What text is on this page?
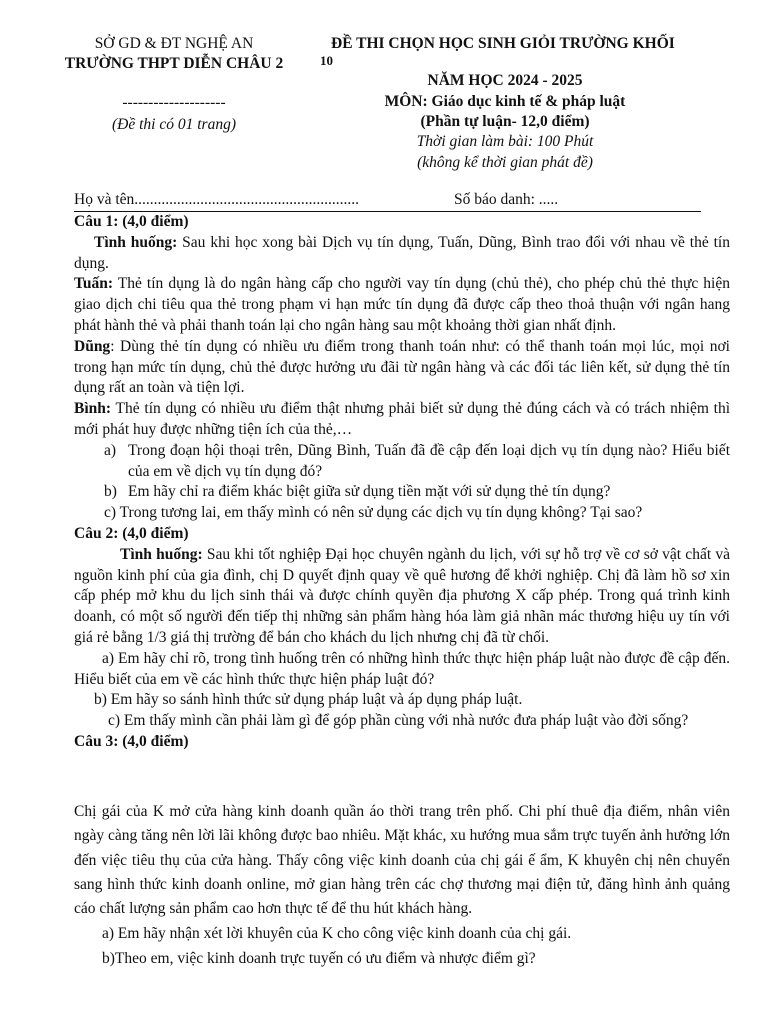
SỞ GD & ĐT NGHỆ AN
TRƯỜNG THPT DIỄN CHÂU 2
--------------------
(Đề thi có 01 trang)
ĐỀ THI CHỌN HỌC SINH GIỎI TRƯỜNG KHỐI
10
NĂM HỌC 2024 - 2025
MÔN: Giáo dục kinh tế & pháp luật
(Phần tự luận- 12,0 điểm)
Thời gian làm bài: 100 Phút
(không kể thời gian phát đề)
Họ và tên..........................................................	Số báo danh: .....

Câu 1: (4,0 điểm)

Tình huống: Sau khi học xong bài Dịch vụ tín dụng, Tuấn, Dũng, Bình trao đổi với nhau về thẻ tín dụng.

Tuấn: Thẻ tín dụng là do ngân hàng cấp cho người vay tín dụng (chủ thẻ), cho phép chủ thẻ thực hiện giao dịch chi tiêu qua thẻ trong phạm vi hạn mức tín dụng đã được cấp theo thoả thuận với ngân hang phát hành thẻ và phải thanh toán lại cho ngân hàng sau một khoảng thời gian nhất định.

Dũng: Dùng thẻ tín dụng có nhiều ưu điểm trong thanh toán như: có thể thanh toán mọi lúc, mọi nơi trong hạn mức tín dụng, chủ thẻ được hưởng ưu đãi từ ngân hàng và các đối tác liên kết, sử dụng thẻ tín dụng rất an toàn và tiện lợi.

Bình: Thẻ tín dụng có nhiều ưu điểm thật nhưng phải biết sử dụng thẻ đúng cách và có trách nhiệm thì mới phát huy được những tiện ích của thẻ,…

a) Trong đoạn hội thoại trên, Dũng Bình, Tuấn đã đề cập đến loại dịch vụ tín dụng nào? Hiểu biết của em về dịch vụ tín dụng đó?
b) Em hãy chỉ ra điểm khác biệt giữa sử dụng tiền mặt với sử dụng thẻ tín dụng?

c) Trong tương lai, em thấy mình có nên sử dụng các dịch vụ tín dụng không? Tại sao?

Câu 2: (4,0 điểm)

Tình huống: Sau khi tốt nghiệp Đại học chuyên ngành du lịch, với sự hỗ trợ về cơ sở vật chất và nguồn kinh phí của gia đình, chị D quyết định quay về quê hương để khởi nghiệp. Chị đã làm hồ sơ xin cấp phép mở khu du lịch sinh thái và được chính quyền địa phương X cấp phép. Trong quá trình kinh doanh, có một số người đến tiếp thị những sản phẩm hàng hóa làm giả nhãn mác thương hiệu uy tín với giá rẻ bằng 1/3 giá thị trường để bán cho khách du lịch nhưng chị đã từ chối.

a) Em hãy chỉ rõ, trong tình huống trên có những hình thức thực hiện pháp luật nào được đề cập đến. Hiểu biết của em về các hình thức thực hiện pháp luật đó?

b) Em hãy so sánh hình thức sử dụng pháp luật và áp dụng pháp luật.

c) Em thấy mình cần phải làm gì để góp phần cùng với nhà nước đưa pháp luật vào đời sống?

Câu 3: (4,0 điểm)

Chị gái của K mở cửa hàng kinh doanh quần áo thời trang trên phố. Chi phí thuê địa điểm, nhân viên ngày càng tăng nên lời lãi không được bao nhiêu. Mặt khác, xu hướng mua sắm trực tuyến ảnh hưởng lớn đến việc tiêu thụ của cửa hàng. Thấy công việc kinh doanh của chị gái ế ẩm, K khuyên chị nên chuyển sang hình thức kinh doanh online, mở gian hàng trên các chợ thương mại điện tử, đăng hình ảnh quảng cáo chất lượng sản phẩm cao hơn thực tế để thu hút khách hàng.

a) Em hãy nhận xét lời khuyên của K cho công việc kinh doanh của chị gái.

b)Theo em, việc kinh doanh trực tuyến có ưu điểm và nhược điểm gì?
